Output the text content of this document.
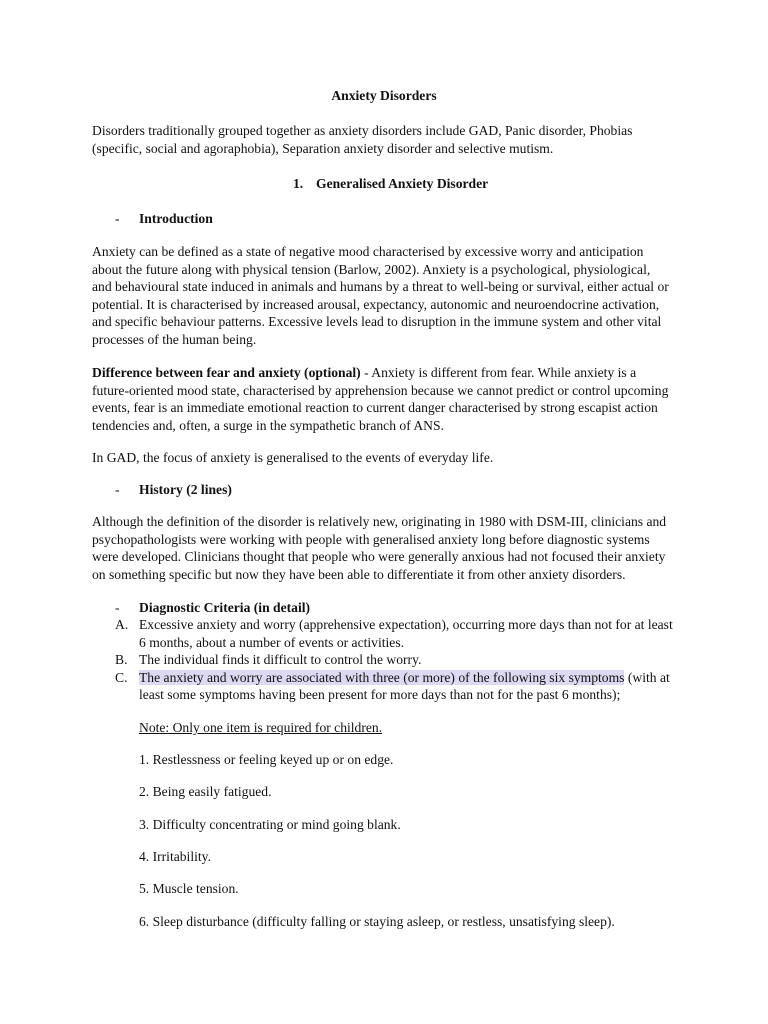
Anxiety Disorders
Disorders traditionally grouped together as anxiety disorders include GAD, Panic disorder, Phobias
(specific, social and agoraphobia), Separation anxiety disorder and selective mutism.
1. Generalised Anxiety Disorder
- Introduction
Anxiety can be defined as a state of negative mood characterised by excessive worry and anticipation
about the future along with physical tension (Barlow, 2002). Anxiety is a psychological, physiological,
and behavioural state induced in animals and humans by a threat to well-being or survival, either actual or
potential. It is characterised by increased arousal, expectancy, autonomic and neuroendocrine activation,
and specific behaviour patterns. Excessive levels lead to disruption in the immune system and other vital
processes of the human being.
Difference between fear and anxiety (optional) - Anxiety is different from fear. While anxiety is a
future-oriented mood state, characterised by apprehension because we cannot predict or control upcoming
events, fear is an immediate emotional reaction to current danger characterised by strong escapist action
tendencies and, often, a surge in the sympathetic branch of ANS.
In GAD, the focus of anxiety is generalised to the events of everyday life.
- History (2 lines)
Although the definition of the disorder is relatively new, originating in 1980 with DSM-III, clinicians and
psychopathologists were working with people with generalised anxiety long before diagnostic systems
were developed. Clinicians thought that people who were generally anxious had not focused their anxiety
on something specific but now they have been able to differentiate it from other anxiety disorders.
- Diagnostic Criteria (in detail)
A. Excessive anxiety and worry (apprehensive expectation), occurring more days than not for at least
6 months, about a number of events or activities.
B. The individual finds it difficult to control the worry.
C. The anxiety and worry are associated with three (or more) of the following six symptoms (with at
least some symptoms having been present for more days than not for the past 6 months);
Note: Only one item is required for children.
1. Restlessness or feeling keyed up or on edge.
2. Being easily fatigued.
3. Difficulty concentrating or mind going blank.
4. Irritability.
5. Muscle tension.
6. Sleep disturbance (difficulty falling or staying asleep, or restless, unsatisfying sleep).
